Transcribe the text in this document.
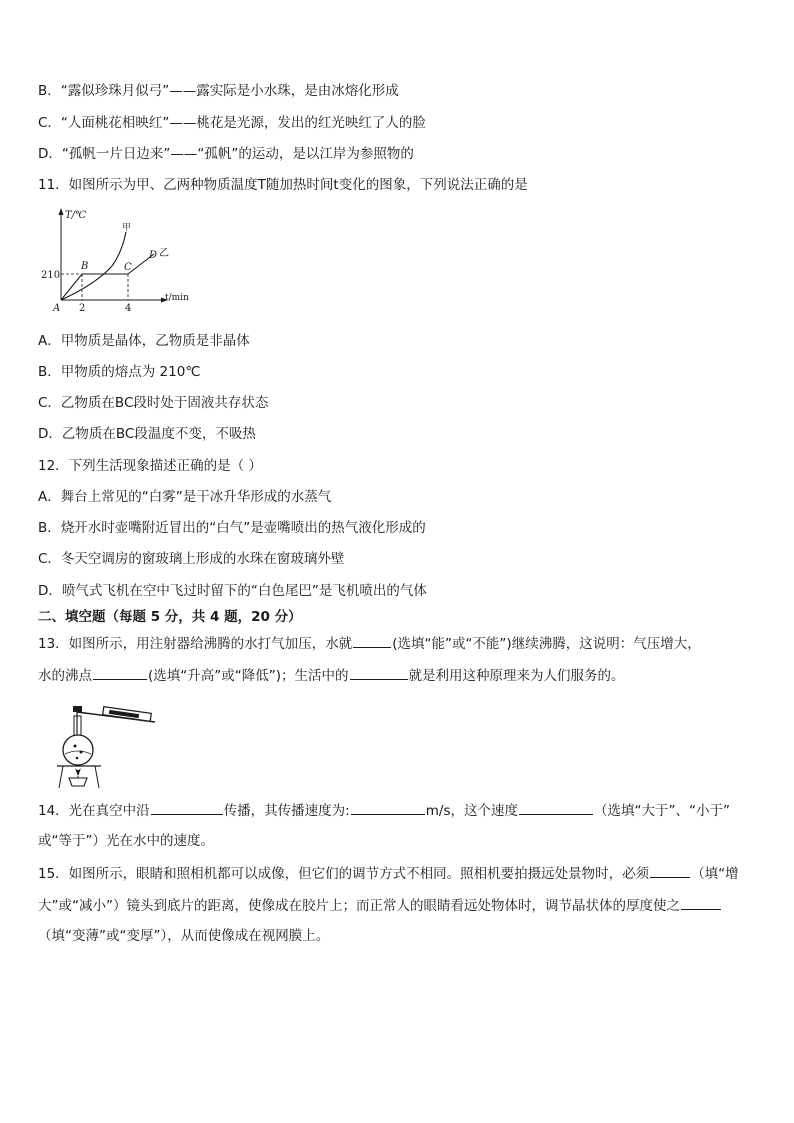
B．“露似珍珠月似弓”——露实际是小水珠，是由冰熔化形成
C．“人面桃花相映红”——桃花是光源，发出的红光映红了人的脸
D．“孤帆一片日边来”——“孤帆”的运动，是以江岸为参照物的
11．如图所示为甲、乙两种物质温度T随加热时间t变化的图象，下列说法正确的是
T/℃
t/min
210
2	4
甲
乙
A
B	C
D
A．甲物质是晶体，乙物质是非晶体
B．甲物质的熔点为 210℃
C．乙物质在BC段时处于固液共存状态
D．乙物质在BC段温度不变，不吸热
12．下列生活现象描述正确的是（ ）
A．舞台上常见的“白雾”是干冰升华形成的水蒸气
B．烧开水时壶嘴附近冒出的“白气”是壶嘴喷出的热气液化形成的
C．冬天空调房的窗玻璃上形成的水珠在窗玻璃外壁
D．喷气式飞机在空中飞过时留下的“白色尾巴”是飞机喷出的气体
二、填空题（每题 5 分，共 4 题，20 分）
13．如图所示，用注射器给沸腾的水打气加压，水就	(选填“能”或“不能”)继续沸腾，这说明：气压增大，
水的沸点	(选填“升高”或“降低”)；生活中的	就是利用这种原理来为人们服务的。
14．光在真空中沿	传播，其传播速度为:	m/s，这个速度	（选填“大于”、“小于”
或“等于”）光在水中的速度。
15．如图所示，眼睛和照相机都可以成像，但它们的调节方式不相同。照相机要拍摄远处景物时，必须	（填“增
大”或“减小”）镜头到底片的距离，使像成在胶片上；而正常人的眼睛看远处物体时，调节晶状体的厚度使之
（填“变薄”或“变厚”），从而使像成在视网膜上。
